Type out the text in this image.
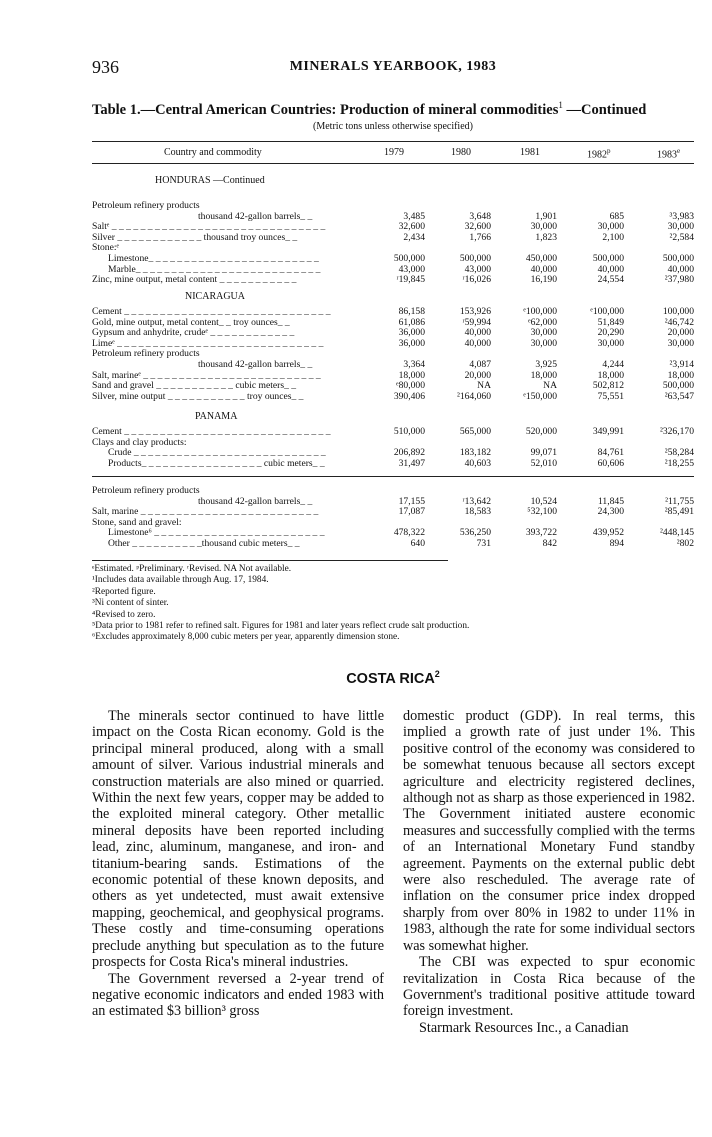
936	MINERALS YEARBOOK, 1983
Table 1.—Central American Countries: Production of mineral commodities$^1$ —Continued
(Metric tons unless otherwise specified)
Country and commodity	1979	1980	1981	1982$^p$	1983e
HONDURAS —Continued
Petroleum refinery products
thousand 42-gallon barrels_ _	3,485	3,648	1,901	685	³3,983
Saltᵉ _ _ _ _ _ _ _ _ _ _ _ _ _ _ _ _ _ _ _ _ _ _ _ _ _ _ _ _ _ _	32,600	32,600	30,000	30,000	30,000
Silver _ _ _ _ _ _ _ _ _ _ _ _ thousand troy ounces_ _	2,434	1,766	1,823	2,100	²2,584
Stone:ᵉ
Limestone_ _ _ _ _ _ _ _ _ _ _ _ _ _ _ _ _ _ _ _ _ _ _ _	500,000	500,000	450,000	500,000	500,000
Marble_ _ _ _ _ _ _ _ _ _ _ _ _ _ _ _ _ _ _ _ _ _ _ _ _ _	43,000	43,000	40,000	40,000	40,000
Zinc, mine output, metal content _ _ _ _ _ _ _ _ _ _ _	ʳ19,845	ʳ16,026	16,190	24,554	²37,980
NICARAGUA
Cement _ _ _ _ _ _ _ _ _ _ _ _ _ _ _ _ _ _ _ _ _ _ _ _ _ _ _ _ _	86,158	153,926	ᵉ100,000	ᵉ100,000	100,000
Gold, mine output, metal content_ _ troy ounces_ _	61,086	ʳ59,994	ᵉ62,000	51,849	²46,742
Gypsum and anhydrite, crudeᵉ _ _ _ _ _ _ _ _ _ _ _ _	36,000	40,000	30,000	20,290	20,000
Limeᵉ _ _ _ _ _ _ _ _ _ _ _ _ _ _ _ _ _ _ _ _ _ _ _ _ _ _ _ _ _	36,000	40,000	30,000	30,000	30,000
Petroleum refinery products
thousand 42-gallon barrels_ _	3,364	4,087	3,925	4,244	²3,914
Salt, marineᵉ _ _ _ _ _ _ _ _ _ _ _ _ _ _ _ _ _ _ _ _ _ _ _ _ _	18,000	20,000	18,000	18,000	18,000
Sand and gravel _ _ _ _ _ _ _ _ _ _ _ cubic meters_ _	ᵉ80,000	NA	NA	502,812	500,000
Silver, mine output _ _ _ _ _ _ _ _ _ _ _ troy ounces_ _	390,406	²164,060	ᵉ150,000	75,551	²63,547
PANAMA
Cement _ _ _ _ _ _ _ _ _ _ _ _ _ _ _ _ _ _ _ _ _ _ _ _ _ _ _ _ _	510,000	565,000	520,000	349,991	²326,170
Clays and clay products:
Crude _ _ _ _ _ _ _ _ _ _ _ _ _ _ _ _ _ _ _ _ _ _ _ _ _ _ _	206,892	183,182	99,071	84,761	²58,284
Products_ _ _ _ _ _ _ _ _ _ _ _ _ _ _ _ _ cubic meters_ _	31,497	40,603	52,010	60,606	²18,255
Petroleum refinery products
thousand 42-gallon barrels_ _	17,155	ʳ13,642	10,524	11,845	²11,755
Salt, marine _ _ _ _ _ _ _ _ _ _ _ _ _ _ _ _ _ _ _ _ _ _ _ _ _	17,087	18,583	⁵32,100	24,300	²85,491
Stone, sand and gravel:
Limestone⁶ _ _ _ _ _ _ _ _ _ _ _ _ _ _ _ _ _ _ _ _ _ _ _ _	478,322	536,250	393,722	439,952	²448,145
Other _ _ _ _ _ _ _ _ _ _thousand cubic meters_ _	640	731	842	894	²802
ᵉEstimated. ᵖPreliminary. ʳRevised. NA Not available.
¹Includes data available through Aug. 17, 1984.
²Reported figure.
³Ni content of sinter.
⁴Revised to zero.
⁵Data prior to 1981 refer to refined salt. Figures for 1981 and later years reflect crude salt production.
⁶Excludes approximately 8,000 cubic meters per year, apparently dimension stone.
COSTA RICA$^2$

The minerals sector continued to have little impact on the Costa Rican economy. Gold is the principal mineral produced, along with a small amount of silver. Various industrial minerals and construction materials are also mined or quarried. Within the next few years, copper may be added to the exploited mineral category. Other metallic mineral deposits have been reported including lead, zinc, aluminum, manganese, and iron- and titanium-bearing sands. Estimations of the economic potential of these known deposits, and others as yet undetected, must await extensive mapping, geochemical, and geophysical programs. These costly and time-consuming operations preclude anything but speculation as to the future prospects for Costa Rica's mineral industries.

The Government reversed a 2-year trend of negative economic indicators and ended 1983 with an estimated $3 billion³ gross

domestic product (GDP). In real terms, this implied a growth rate of just under 1%. This positive control of the economy was considered to be somewhat tenuous because all sectors except agriculture and electricity registered declines, although not as sharp as those experienced in 1982. The Government initiated austere economic measures and successfully complied with the terms of an International Monetary Fund standby agreement. Payments on the external public debt were also rescheduled. The average rate of inflation on the consumer price index dropped sharply from over 80% in 1982 to under 11% in 1983, although the rate for some individual sectors was somewhat higher.

The CBI was expected to spur economic revitalization in Costa Rica because of the Government's traditional positive attitude toward foreign investment.

Starmark Resources Inc., a Canadian
